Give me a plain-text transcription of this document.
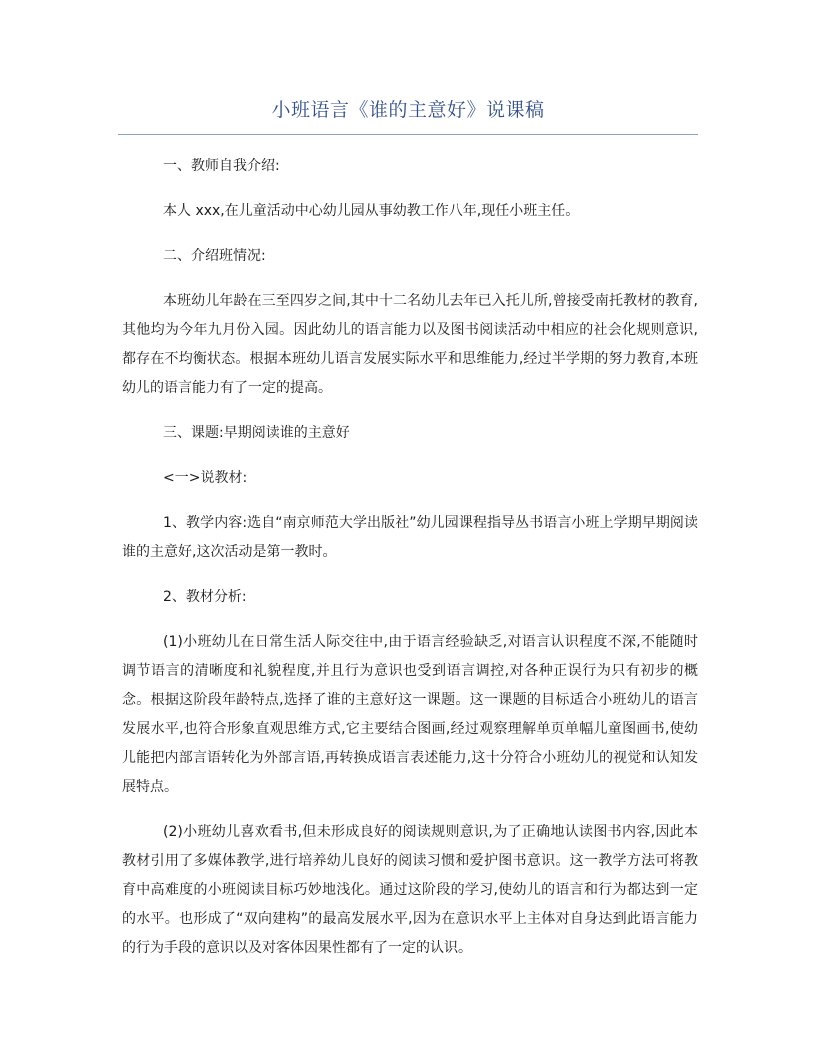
小班语言《谁的主意好》说课稿

一、教师自我介绍:

本人 xxx,在儿童活动中心幼儿园从事幼教工作八年,现任小班主任。

二、介绍班情况:

本班幼儿年龄在三至四岁之间,其中十二名幼儿去年已入托儿所,曾接受南托教材的教育,其他均为今年九月份入园。因此幼儿的语言能力以及图书阅读活动中相应的社会化规则意识,都存在不均衡状态。根据本班幼儿语言发展实际水平和思维能力,经过半学期的努力教育,本班幼儿的语言能力有了一定的提高。

三、课题:早期阅读谁的主意好

<一>说教材:

1、教学内容:选自“南京师范大学出版社”幼儿园课程指导丛书语言小班上学期早期阅读谁的主意好,这次活动是第一教时。

2、教材分析:

(1)小班幼儿在日常生活人际交往中,由于语言经验缺乏,对语言认识程度不深,不能随时调节语言的清晰度和礼貌程度,并且行为意识也受到语言调控,对各种正误行为只有初步的概念。根据这阶段年龄特点,选择了谁的主意好这一课题。这一课题的目标适合小班幼儿的语言发展水平,也符合形象直观思维方式,它主要结合图画,经过观察理解单页单幅儿童图画书,使幼儿能把内部言语转化为外部言语,再转换成语言表述能力,这十分符合小班幼儿的视觉和认知发展特点。

(2)小班幼儿喜欢看书,但未形成良好的阅读规则意识,为了正确地认读图书内容,因此本教材引用了多媒体教学,进行培养幼儿良好的阅读习惯和爱护图书意识。这一教学方法可将教育中高难度的小班阅读目标巧妙地浅化。通过这阶段的学习,使幼儿的语言和行为都达到一定的水平。也形成了“双向建构”的最高发展水平,因为在意识水平上主体对自身达到此语言能力的行为手段的意识以及对客体因果性都有了一定的认识。
